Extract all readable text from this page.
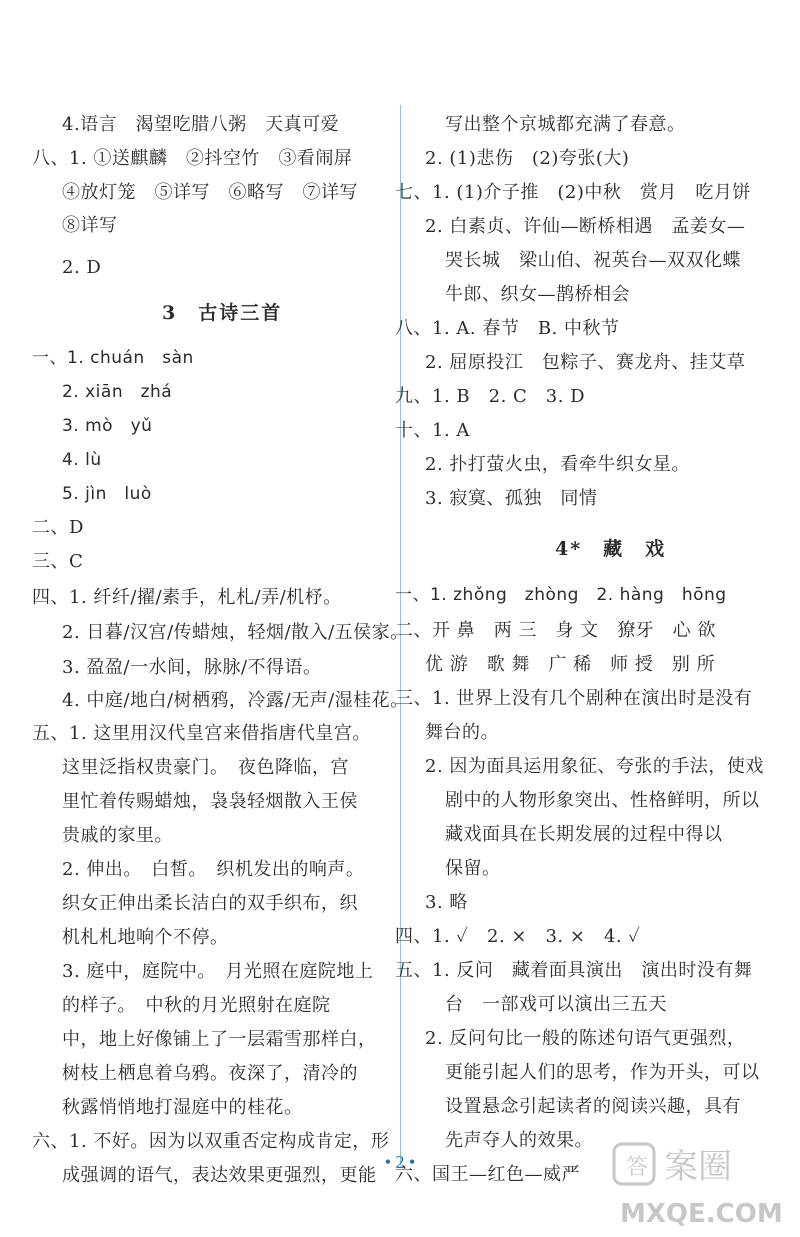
3　古诗三首
4*　藏　戏
• 2 •	答 案圈
MXQE.COM
4.语言　渴望吃腊八粥　天真可爱
八、1. ①送麒麟　②抖空竹　③看闹屏
④放灯笼　⑤详写　⑥略写　⑦详写
⑧详写
2. D
一、1. chuán　sàn
2. xiān　zhá
3. mò　yǔ
4. lù
5. jìn　luò
二、D
三、C
四、1. 纤纤/擢/素手，札札/弄/机杼。
2. 日暮/汉宫/传蜡烛，轻烟/散入/五侯家。
3. 盈盈/一水间，脉脉/不得语。
4. 中庭/地白/树栖鸦，冷露/无声/湿桂花。
五、1. 这里用汉代皇宫来借指唐代皇宫。
这里泛指权贵豪门。　夜色降临，宫
里忙着传赐蜡烛，袅袅轻烟散入王侯
贵戚的家里。
2. 伸出。　白皙。　织机发出的响声。
织女正伸出柔长洁白的双手织布，织
机札札地响个不停。
3. 庭中，庭院中。　月光照在庭院地上
的样子。　中秋的月光照射在庭院
中，地上好像铺上了一层霜雪那样白，
树枝上栖息着乌鸦。夜深了，清冷的
秋露悄悄地打湿庭中的桂花。
六、1. 不好。因为以双重否定构成肯定，形
成强调的语气，表达效果更强烈，更能
写出整个京城都充满了春意。
2. (1)悲伤　(2)夸张(大)
七、1. (1)介子推　(2)中秋　赏月　吃月饼
2. 白素贞、许仙—断桥相遇　孟姜女—
哭长城　梁山伯、祝英台—双双化蝶
牛郎、织女—鹊桥相会
八、1. A. 春节　B. 中秋节
2. 屈原投江　包粽子、赛龙舟、挂艾草
九、1. B　2. C　3. D
十、1. A
2. 扑打萤火虫，看牵牛织女星。
3. 寂寞、孤独　同情
一、1. zhǒng　zhòng　2. hàng　hōng
二、开 鼻　两 三　身 文　獠牙　心 欲
优 游　歌 舞　广 稀　师 授　别 所
三、1. 世界上没有几个剧种在演出时是没有
舞台的。
2. 因为面具运用象征、夸张的手法，使戏
剧中的人物形象突出、性格鲜明，所以
藏戏面具在长期发展的过程中得以
保留。
3. 略
四、1. ✓　2. ×　3. ×　4. ✓
五、1. 反问　藏着面具演出　演出时没有舞
台　一部戏可以演出三五天
2. 反问句比一般的陈述句语气更强烈，
更能引起人们的思考，作为开头，可以
设置悬念引起读者的阅读兴趣，具有
先声夺人的效果。
六、国王—红色—威严
